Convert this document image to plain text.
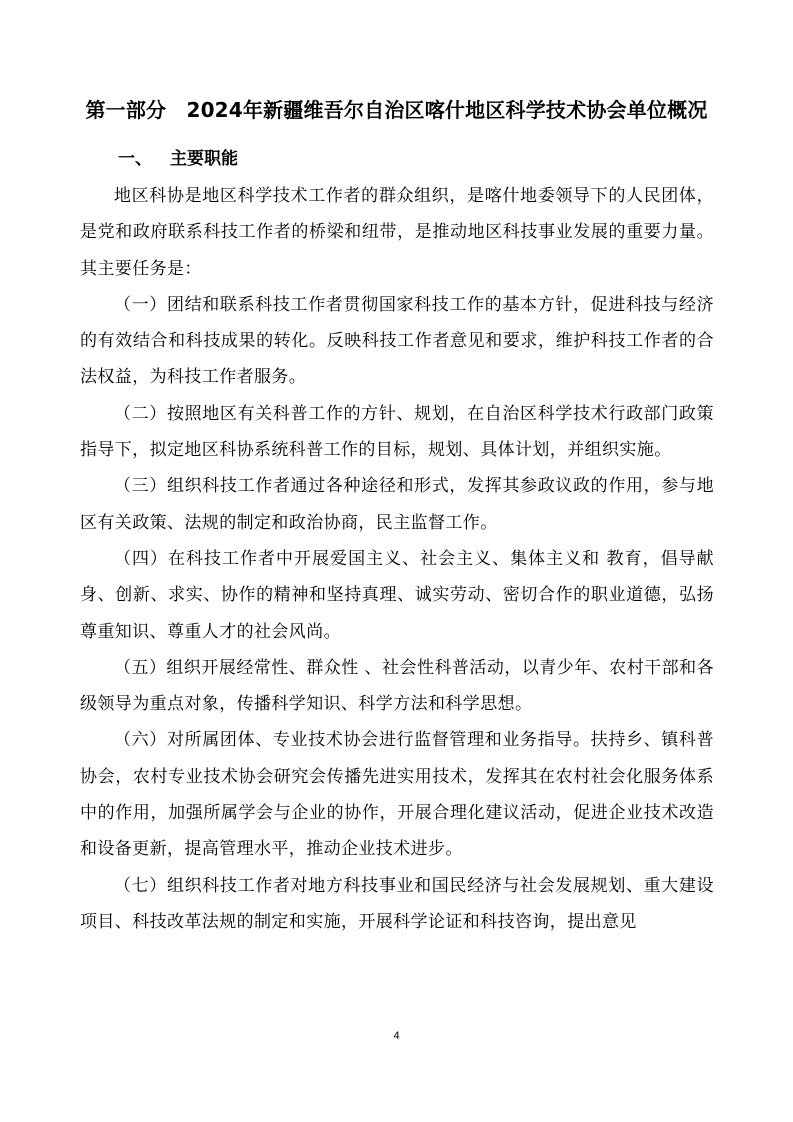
第一部分　2024年新疆维吾尔自治区喀什地区科学技术协会单位概况
一、 主要职能

地区科协是地区科学技术工作者的群众组织，是喀什地委领导下的人民团体，是党和政府联系科技工作者的桥梁和纽带，是推动地区科技事业发展的重要力量。其主要任务是：

（一）团结和联系科技工作者贯彻国家科技工作的基本方针，促进科技与经济的有效结合和科技成果的转化。反映科技工作者意见和要求，维护科技工作者的合法权益，为科技工作者服务。

（二）按照地区有关科普工作的方针、规划，在自治区科学技术行政部门政策指导下，拟定地区科协系统科普工作的目标，规划、具体计划，并组织实施。

（三）组织科技工作者通过各种途径和形式，发挥其参政议政的作用，参与地区有关政策、法规的制定和政治协商，民主监督工作。

（四）在科技工作者中开展爱国主义、社会主义、集体主义和 教育，倡导献身、创新、求实、协作的精神和坚持真理、诚实劳动、密切合作的职业道德，弘扬尊重知识、尊重人才的社会风尚。

（五）组织开展经常性、群众性 、社会性科普活动，以青少年、农村干部和各级领导为重点对象，传播科学知识、科学方法和科学思想。

（六）对所属团体、专业技术协会进行监督管理和业务指导。扶持乡、镇科普协会，农村专业技术协会研究会传播先进实用技术，发挥其在农村社会化服务体系中的作用，加强所属学会与企业的协作，开展合理化建议活动，促进企业技术改造和设备更新，提高管理水平，推动企业技术进步。

（七）组织科技工作者对地方科技事业和国民经济与社会发展规划、重大建设项目、科技改革法规的制定和实施，开展科学论证和科技咨询，提出意见

4
